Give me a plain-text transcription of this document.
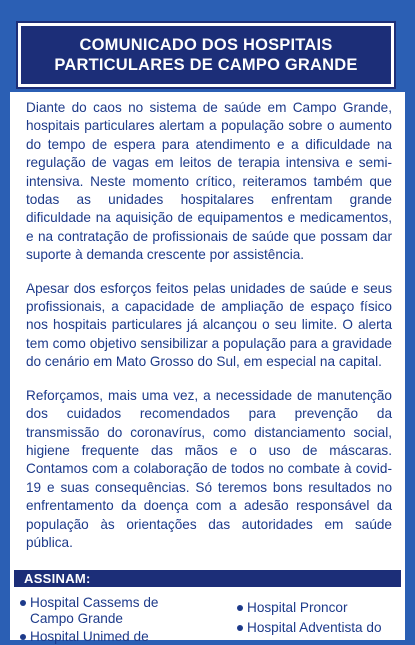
COMUNICADO DOS HOSPITAIS
PARTICULARES DE CAMPO GRANDE

Diante do caos no sistema de saúde em Campo Grande, hospitais particulares alertam a população sobre o aumento do tempo de espera para atendimento e a dificuldade na regulação de vagas em leitos de terapia intensiva e semi-intensiva. Neste momento crítico, reiteramos também que todas as unidades hospitalares enfrentam grande dificuldade na aquisição de equipamentos e medicamentos, e na contratação de profissionais de saúde que possam dar suporte à demanda crescente por assistência.

Apesar dos esforços feitos pelas unidades de saúde e seus profissionais, a capacidade de ampliação de espaço físico nos hospitais particulares já alcançou o seu limite. O alerta tem como objetivo sensibilizar a população para a gravidade do cenário em Mato Grosso do Sul, em especial na capital.

Reforçamos, mais uma vez, a necessidade de manutenção dos cuidados recomendados para prevenção da transmissão do coronavírus, como distanciamento social, higiene frequente das mãos e o uso de máscaras. Contamos com a colaboração de todos no combate à covid-19 e suas consequências. Só teremos bons resultados no enfrentamento da doença com a adesão responsável da população às orientações das autoridades em saúde pública.

ASSINAM:
Hospital Cassems de Campo Grande
Hospital Unimed de
Hospital Proncor
Hospital Adventista do
